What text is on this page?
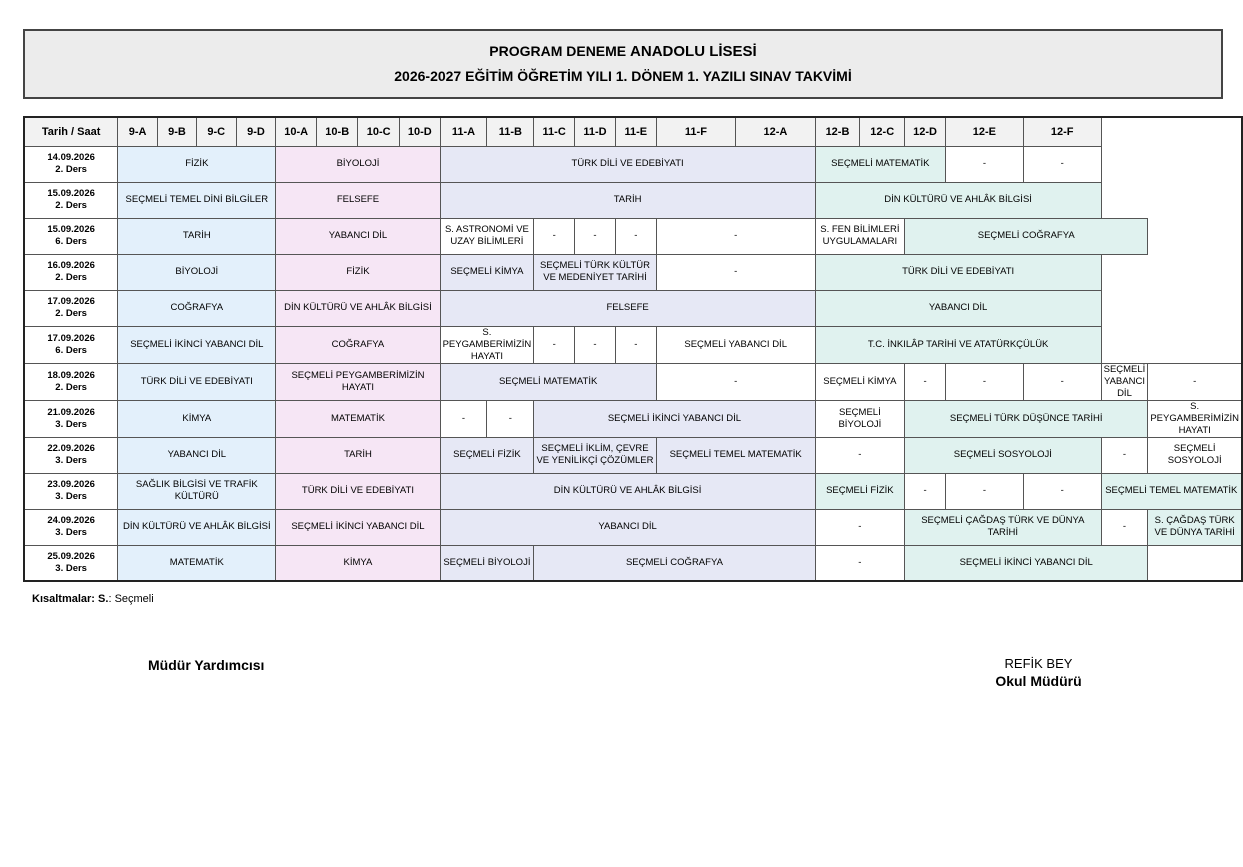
PROGRAM DENEME ANADOLU LİSESİ
2026-2027 EĞİTİM ÖĞRETİM YILI 1. DÖNEM 1. YAZILI SINAV TAKVİMİ
Tarih / Saat	9-A	9-B	9-C	9-D	10-A	10-B	10-C	10-D	11-A	11-B	11-C	11-D	11-E	11-F	12-A	12-B	12-C	12-D	12-E	12-F		

14.09.2026
2. Ders	FİZİK				BİYOLOJİ				TÜRK DİLİ VE EDEBİYATI							SEÇMELİ MATEMATİK			-	-		

15.09.2026
2. Ders	SEÇMELİ TEMEL DİNİ BİLGİLER				FELSEFE				TARİH							DİN KÜLTÜRÜ VE AHLÂK BİLGİSİ						

15.09.2026
6. Ders	TARİH				YABANCI DİL				S. ASTRONOMİ VE UZAY BİLİMLERİ		-	-	-	-		S. FEN BİLİMLERİ UYGULAMALARI		SEÇMELİ COĞRAFYA				

16.09.2026
2. Ders	BİYOLOJİ				FİZİK				SEÇMELİ KİMYA		SEÇMELİ TÜRK KÜLTÜR VE MEDENİYET TARİHİ			-		TÜRK DİLİ VE EDEBİYATI						

17.09.2026
2. Ders	COĞRAFYA				DİN KÜLTÜRÜ VE AHLÂK BİLGİSİ				FELSEFE							YABANCI DİL						

17.09.2026
6. Ders	SEÇMELİ İKİNCİ YABANCI DİL				COĞRAFYA				S. PEYGAMBERİMİZİN HAYATI		-	-	-	SEÇMELİ YABANCI DİL		T.C. İNKILÂP TARİHİ VE ATATÜRKÇÜLÜK						

18.09.2026
2. Ders	TÜRK DİLİ VE EDEBİYATI				SEÇMELİ PEYGAMBERİMİZİN HAYATI				SEÇMELİ MATEMATİK					-		SEÇMELİ KİMYA		-	-	-	SEÇMELİ YABANCI DİL	-

21.09.2026
3. Ders	KİMYA				MATEMATİK				-	-	SEÇMELİ İKİNCİ YABANCI DİL					SEÇMELİ BİYOLOJİ		SEÇMELİ TÜRK DÜŞÜNCE TARİHİ				S. PEYGAMBERİMİZİN HAYATI

22.09.2026
3. Ders	YABANCI DİL				TARİH				SEÇMELİ FİZİK		SEÇMELİ İKLİM, ÇEVRE VE YENİLİKÇİ ÇÖZÜMLER			SEÇMELİ TEMEL MATEMATİK		-		SEÇMELİ SOSYOLOJİ			-	SEÇMELİ SOSYOLOJİ

23.09.2026
3. Ders	SAĞLIK BİLGİSİ VE TRAFİK KÜLTÜRÜ				TÜRK DİLİ VE EDEBİYATI				DİN KÜLTÜRÜ VE AHLÂK BİLGİSİ							SEÇMELİ FİZİK		-	-	-	SEÇMELİ TEMEL MATEMATİK	

24.09.2026
3. Ders	DİN KÜLTÜRÜ VE AHLÂK BİLGİSİ				SEÇMELİ İKİNCİ YABANCI DİL				YABANCI DİL							-		SEÇMELİ ÇAĞDAŞ TÜRK VE DÜNYA TARİHİ			-	S. ÇAĞDAŞ TÜRK VE DÜNYA TARİHİ

25.09.2026
3. Ders	MATEMATİK				KİMYA				SEÇMELİ BİYOLOJİ		SEÇMELİ COĞRAFYA					-		SEÇMELİ İKİNCİ YABANCI DİL				
Kısaltmalar: S.: Seçmeli
Müdür Yardımcısı	REFİK BEY
Okul Müdürü
